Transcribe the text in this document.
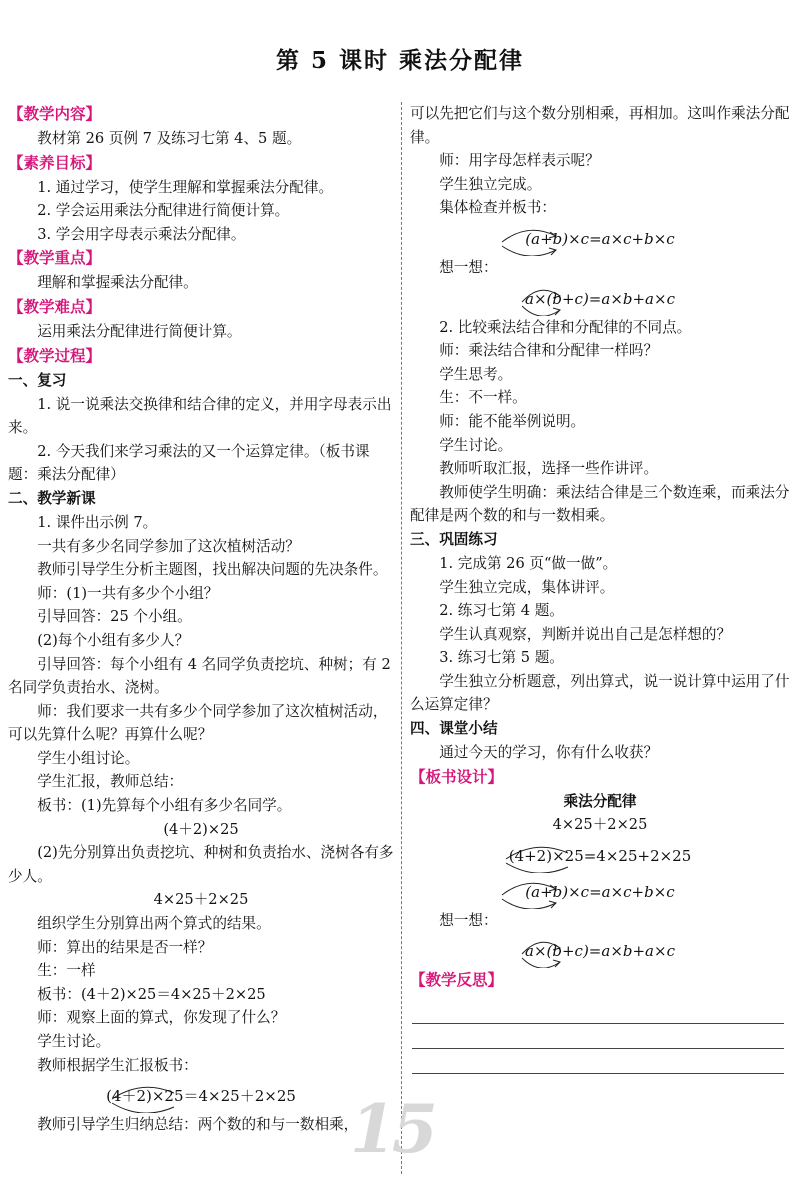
第 5 课时 乘法分配律

【教学内容】

教材第 26 页例 7 及练习七第 4、5 题。

【素养目标】

1. 通过学习，使学生理解和掌握乘法分配律。

2. 学会运用乘法分配律进行简便计算。

3. 学会用字母表示乘法分配律。

【教学重点】

理解和掌握乘法分配律。

【教学难点】

运用乘法分配律进行简便计算。

【教学过程】

一、复习

1. 说一说乘法交换律和结合律的定义，并用字母表示出来。

2. 今天我们来学习乘法的又一个运算定律。（板书课题：乘法分配律）

二、教学新课

1. 课件出示例 7。

一共有多少名同学参加了这次植树活动？

教师引导学生分析主题图，找出解决问题的先决条件。

师：(1)一共有多少个小组？

引导回答：25 个小组。

(2)每个小组有多少人？

引导回答：每个小组有 4 名同学负责挖坑、种树；有 2 名同学负责抬水、浇树。

师：我们要求一共有多少个同学参加了这次植树活动，可以先算什么呢？再算什么呢？

学生小组讨论。

学生汇报，教师总结：

板书：(1)先算每个小组有多少名同学。

(4＋2)×25

(2)先分别算出负责挖坑、种树和负责抬水、浇树各有多少人。

4×25＋2×25

组织学生分别算出两个算式的结果。

师：算出的结果是否一样？

生：一样

板书：(4＋2)×25＝4×25＋2×25

师：观察上面的算式，你发现了什么？

学生讨论。

教师根据学生汇报板书：

(4＋2)×25＝4×25＋2×25

教师引导学生归纳总结：两个数的和与一数相乘，

可以先把它们与这个数分别相乘，再相加。这叫作乘法分配律。

师：用字母怎样表示呢？

学生独立完成。

集体检查并板书：

(a+b)×c=a×c+b×c

想一想：

a×(b+c)=a×b+a×c

2. 比较乘法结合律和分配律的不同点。

师：乘法结合律和分配律一样吗？

学生思考。

生：不一样。

师：能不能举例说明。

学生讨论。

教师听取汇报，选择一些作讲评。

教师使学生明确：乘法结合律是三个数连乘，而乘法分配律是两个数的和与一数相乘。

三、巩固练习

1. 完成第 26 页“做一做”。

学生独立完成，集体讲评。

2. 练习七第 4 题。

学生认真观察，判断并说出自己是怎样想的？

3. 练习七第 5 题。

学生独立分析题意，列出算式，说一说计算中运用了什么运算定律？

四、课堂小结

通过今天的学习，你有什么收获？

【板书设计】

乘法分配律

4×25＋2×25

(4+2)×25=4×25+2×25
(a+b)×c=a×c+b×c

想一想：

a×(b+c)=a×b+a×c

【教学反思】

15
